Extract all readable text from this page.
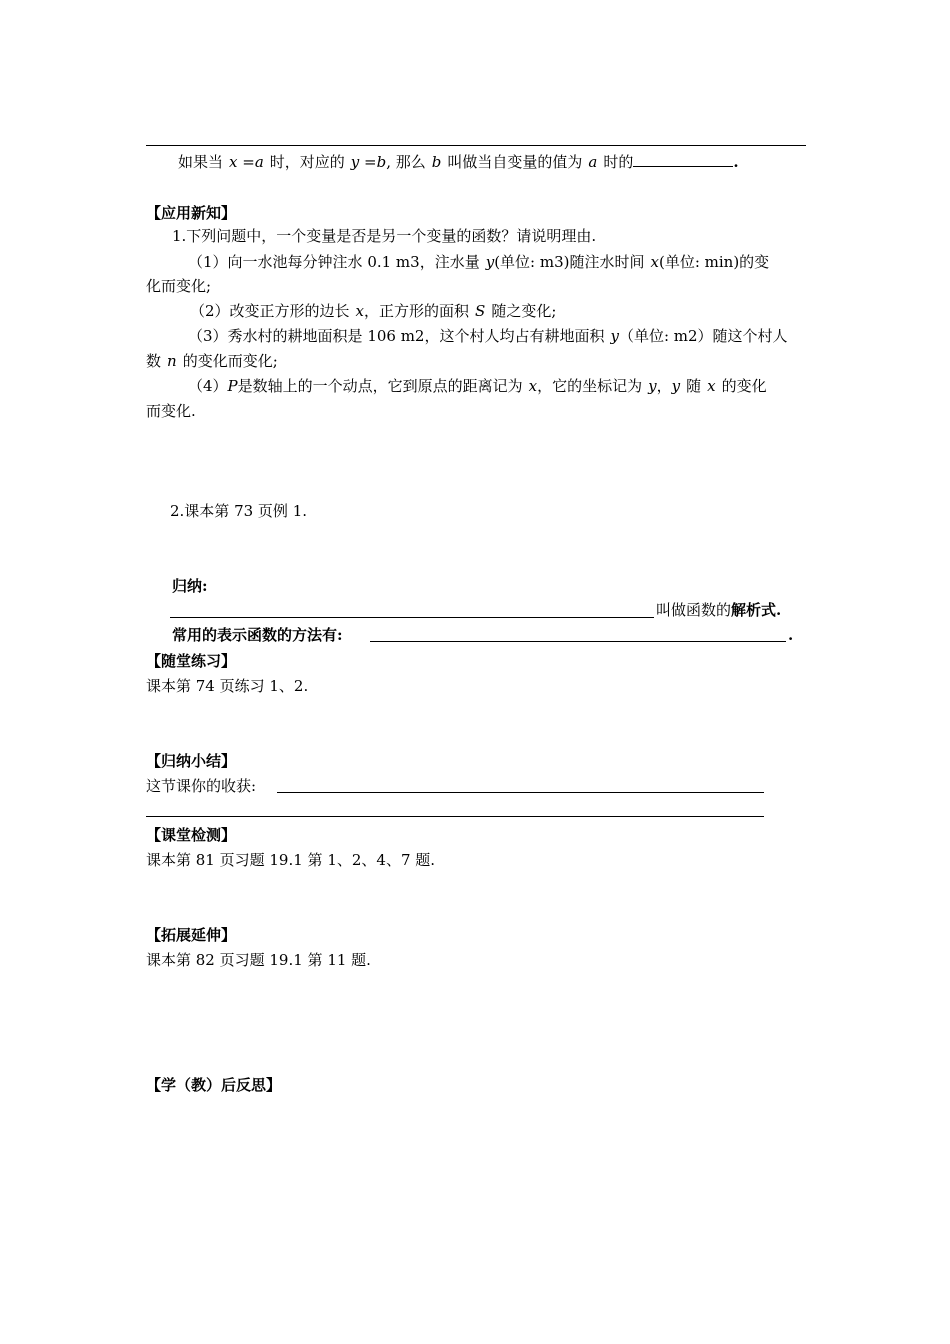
如果当 x =a 时，对应的 y =b, 那么 b 叫做当自变量的值为 a 时的	.
【应用新知】
1.下列问题中，一个变量是否是另一个变量的函数？请说明理由.
（1）向一水池每分钟注水 0.1 m3，注水量 y(单位: m3)随注水时间 x(单位: min)的变
化而变化;
（2）改变正方形的边长 x，正方形的面积 S 随之变化;
（3）秀水村的耕地面积是 106 m2，这个村人均占有耕地面积 y（单位: m2）随这个村人
数 n 的变化而变化;
（4）P是数轴上的一个动点，它到原点的距离记为 x，它的坐标记为 y，y 随 x 的变化
而变化.
2.课本第 73 页例 1.
归纳:
叫做函数的解析式.
常用的表示函数的方法有:	.
【随堂练习】
课本第 74 页练习 1、2.
【归纳小结】
这节课你的收获:
【课堂检测】
课本第 81 页习题 19.1 第 1、2、4、7 题.
【拓展延伸】
课本第 82 页习题 19.1 第 11 题.
【学（教）后反思】
